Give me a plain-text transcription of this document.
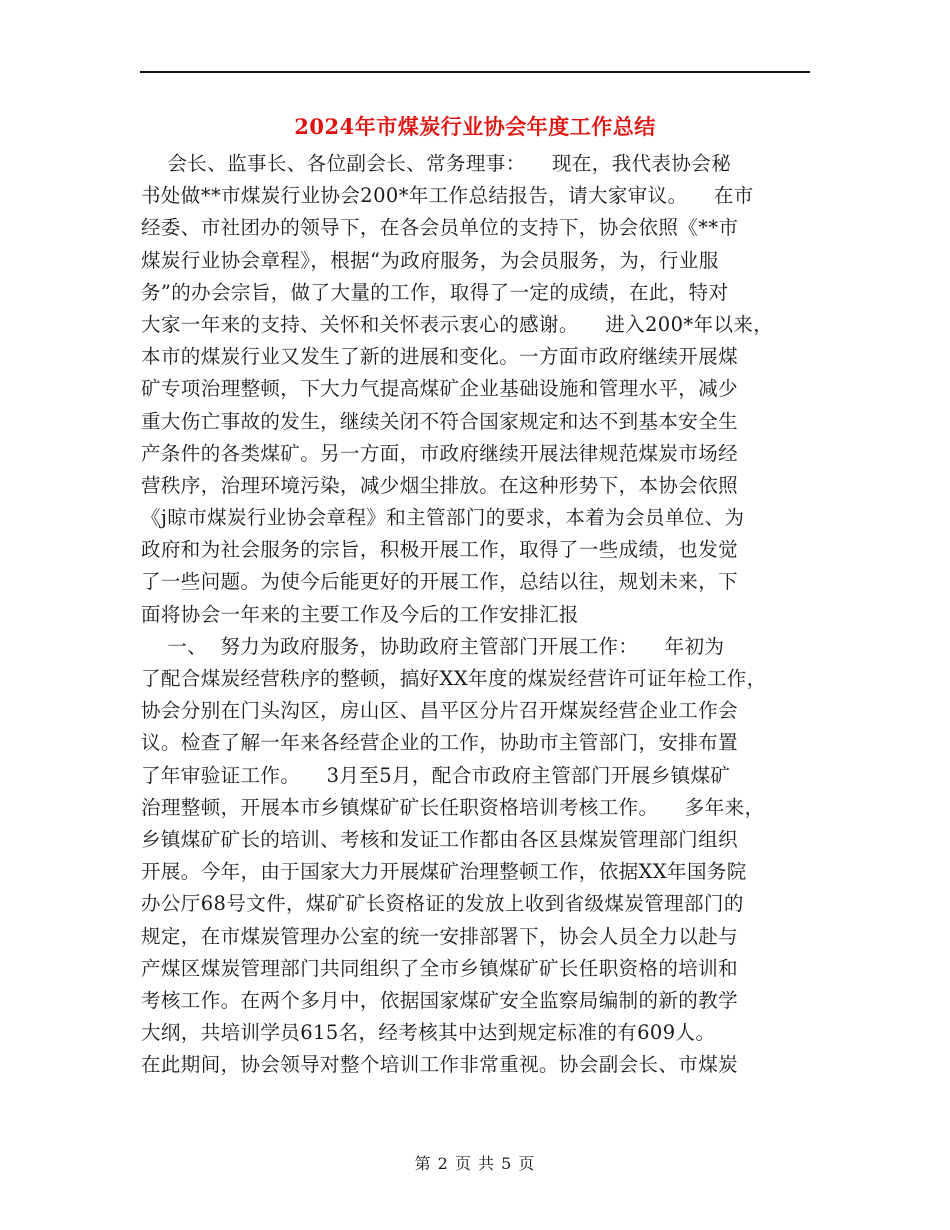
2024年市煤炭行业协会年度工作总结
会长、监事长、各位副会长、常务理事：    现在，我代表协会秘
书处做**市煤炭行业协会200*年工作总结报告，请大家审议。    在市
经委、市社团办的领导下，在各会员单位的支持下，协会依照《**市
煤炭行业协会章程》，根据“为政府服务，为会员服务，为，行业服
务”的办会宗旨，做了大量的工作，取得了一定的成绩，在此，特对
大家一年来的支持、关怀和关怀表示衷心的感谢。    进入200*年以来，
本市的煤炭行业又发生了新的进展和变化。一方面市政府继续开展煤
矿专项治理整顿，下大力气提高煤矿企业基础设施和管理水平，减少
重大伤亡事故的发生，继续关闭不符合国家规定和达不到基本安全生
产条件的各类煤矿。另一方面，市政府继续开展法律规范煤炭市场经
营秩序，治理环境污染，减少烟尘排放。在这种形势下，本协会依照
《j晾市煤炭行业协会章程》和主管部门的要求，本着为会员单位、为
政府和为社会服务的宗旨，积极开展工作，取得了一些成绩，也发觉
了一些问题。为使今后能更好的开展工作，总结以往，规划未来，下
面将协会一年来的主要工作及今后的工作安排汇报
一、  努力为政府服务，协助政府主管部门开展工作：    年初为
了配合煤炭经营秩序的整顿，搞好XX年度的煤炭经营许可证年检工作，
协会分别在门头沟区，房山区、昌平区分片召开煤炭经营企业工作会
议。检查了解一年来各经营企业的工作，协助市主管部门，安排布置
了年审验证工作。    3月至5月，配合市政府主管部门开展乡镇煤矿
治理整顿，开展本市乡镇煤矿矿长任职资格培训考核工作。    多年来，
乡镇煤矿矿长的培训、考核和发证工作都由各区县煤炭管理部门组织
开展。今年，由于国家大力开展煤矿治理整顿工作，依据XX年国务院
办公厅68号文件，煤矿矿长资格证的发放上收到省级煤炭管理部门的
规定，在市煤炭管理办公室的统一安排部署下，协会人员全力以赴与
产煤区煤炭管理部门共同组织了全市乡镇煤矿矿长任职资格的培训和
考核工作。在两个多月中，依据国家煤矿安全监察局编制的新的教学
大纲，共培训学员615名，经考核其中达到规定标准的有609人。
在此期间，协会领导对整个培训工作非常重视。协会副会长、市煤炭
第 2 页 共 5 页
